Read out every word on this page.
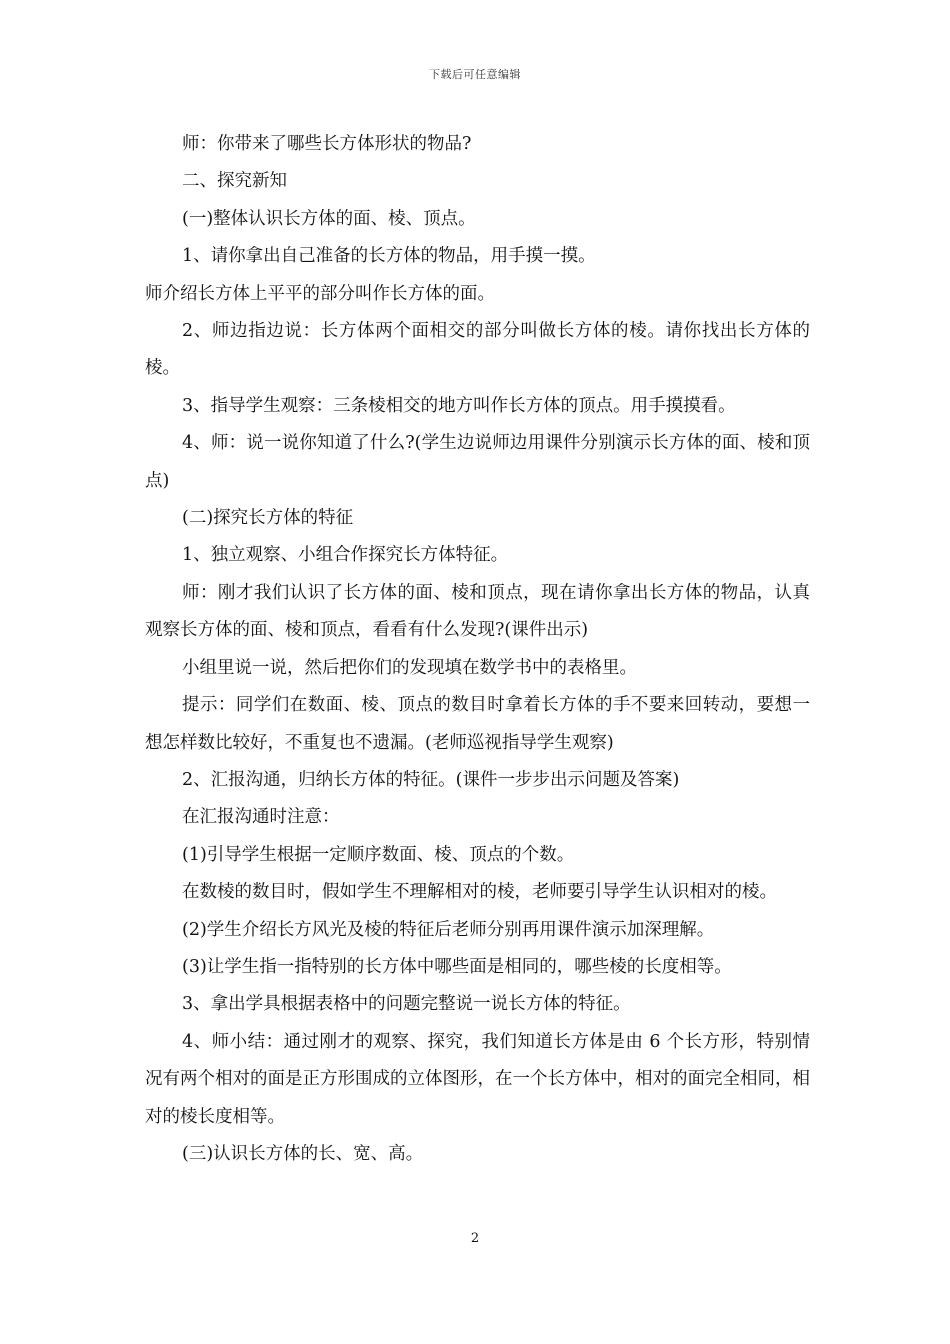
下载后可任意编辑

师：你带来了哪些长方体形状的物品?

二、探究新知

(一)整体认识长方体的面、棱、顶点。

1、请你拿出自己准备的长方体的物品，用手摸一摸。

师介绍长方体上平平的部分叫作长方体的面。

2、师边指边说：长方体两个面相交的部分叫做长方体的棱。请你找出长方体的棱。

3、指导学生观察：三条棱相交的地方叫作长方体的顶点。用手摸摸看。

4、师：说一说你知道了什么?(学生边说师边用课件分别演示长方体的面、棱和顶点)

(二)探究长方体的特征

1、独立观察、小组合作探究长方体特征。

师：刚才我们认识了长方体的面、棱和顶点，现在请你拿出长方体的物品，认真观察长方体的面、棱和顶点，看看有什么发现?(课件出示)

小组里说一说，然后把你们的发现填在数学书中的表格里。

提示：同学们在数面、棱、顶点的数目时拿着长方体的手不要来回转动，要想一想怎样数比较好，不重复也不遗漏。(老师巡视指导学生观察)

2、汇报沟通，归纳长方体的特征。(课件一步步出示问题及答案)

在汇报沟通时注意：

(1)引导学生根据一定顺序数面、棱、顶点的个数。

在数棱的数目时，假如学生不理解相对的棱，老师要引导学生认识相对的棱。

(2)学生介绍长方风光及棱的特征后老师分别再用课件演示加深理解。

(3)让学生指一指特别的长方体中哪些面是相同的，哪些棱的长度相等。

3、拿出学具根据表格中的问题完整说一说长方体的特征。

4、师小结：通过刚才的观察、探究，我们知道长方体是由 6 个长方形，特别情况有两个相对的面是正方形围成的立体图形，在一个长方体中，相对的面完全相同，相对的棱长度相等。

(三)认识长方体的长、宽、高。

2
